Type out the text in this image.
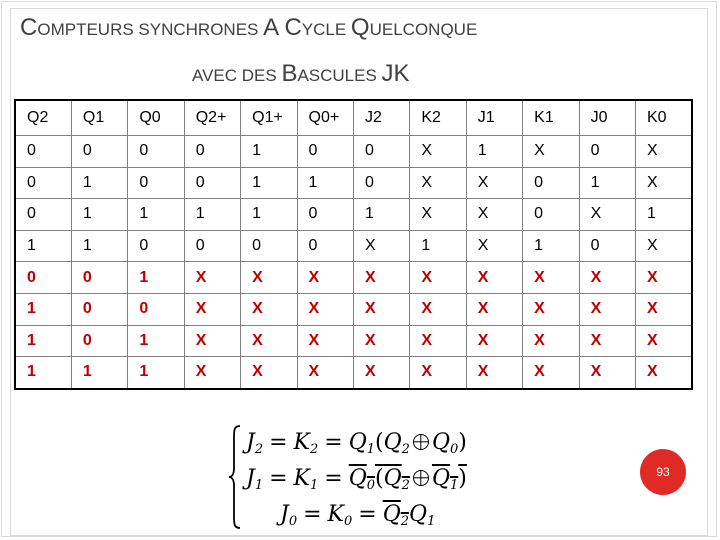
COMPTEURS SYNCHRONES A CYCLE QUELCONQUE
AVEC DES BASCULES JK
Q2	Q1	Q0	Q2+	Q1+	Q0+	J2	K2	J1	K1	J0	K0
0	0	0	0	1	0	0	X	1	X	0	X
0	1	0	0	1	1	0	X	X	0	1	X
0	1	1	1	1	0	1	X	X	0	X	1
1	1	0	0	0	0	X	1	X	1	0	X
0	0	1	X	X	X	X	X	X	X	X	X
1	0	0	X	X	X	X	X	X	X	X	X
1	0	1	X	X	X	X	X	X	X	X	X
1	1	1	X	X	X	X	X	X	X	X	X
$J_2 = K_2 = Q_1(Q_2$ $Q_0$)
$J_1 = K_1 = Q_0(Q_2$ $Q_1$)
$J_0 = K_0 = Q_2Q_1$
93
